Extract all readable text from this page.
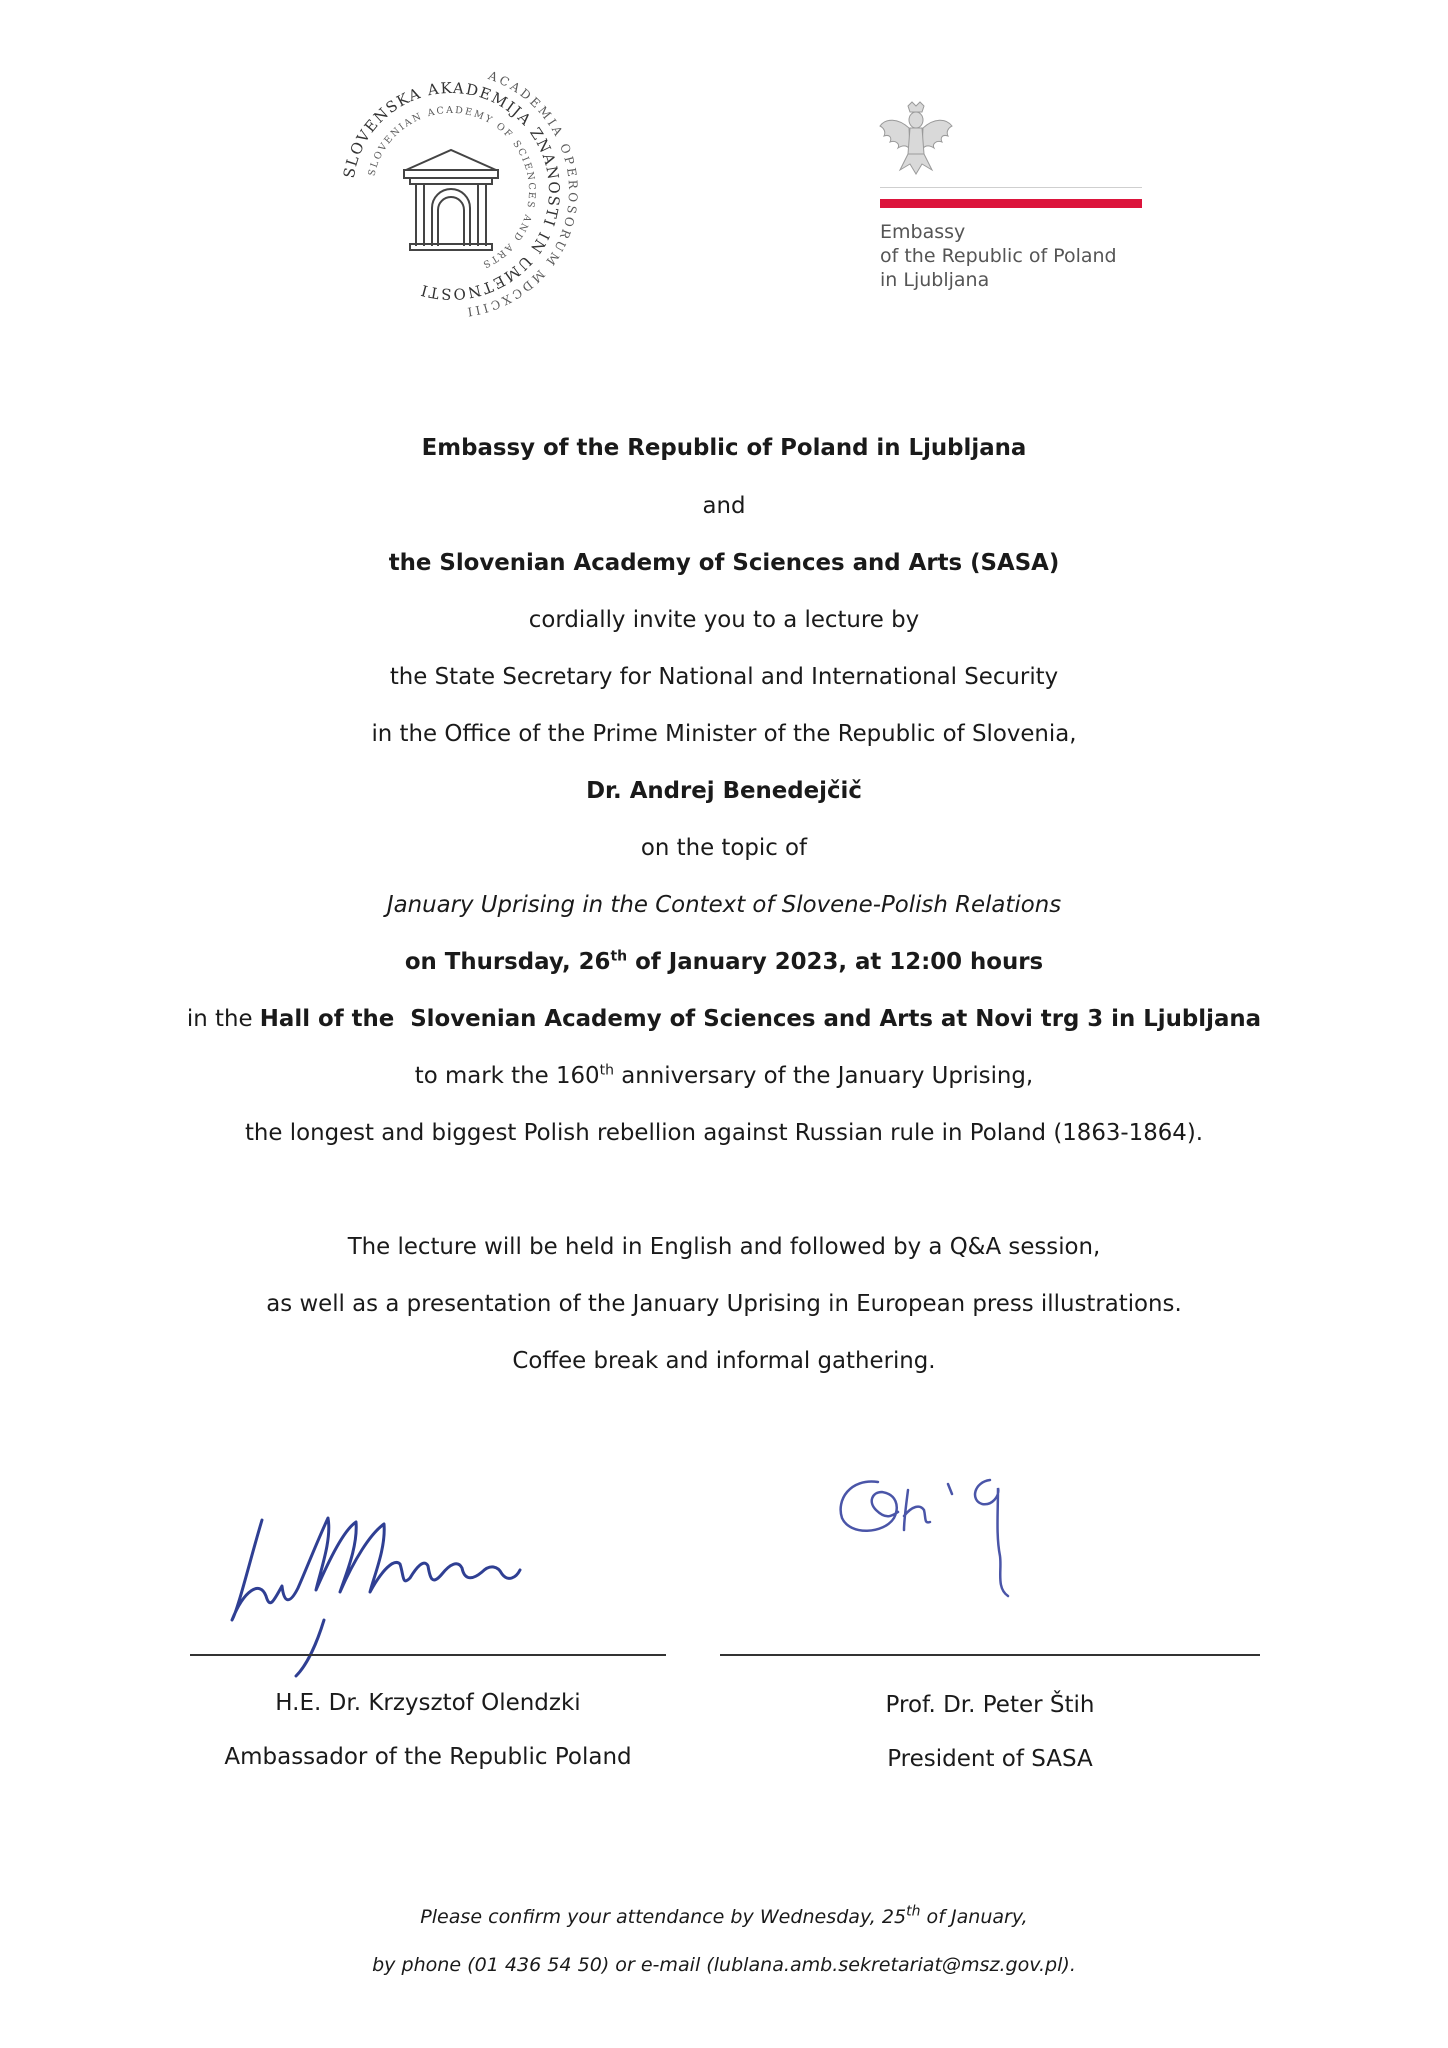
ACADEMIA OPEROSORUM MDCXCIII
SLOVENSKA AKADEMIJA ZNANOSTI IN UMETNOSTI
SLOVENIAN ACADEMY OF SCIENCES AND ARTS
Embassy
of the Republic of Poland
in Ljubljana
Embassy of the Republic of Poland in Ljubljana
and
the Slovenian Academy of Sciences and Arts (SASA)
cordially invite you to a lecture by
the State Secretary for National and International Security
in the Office of the Prime Minister of the Republic of Slovenia,
Dr. Andrej Benedejčič
on the topic of
January Uprising in the Context of Slovene-Polish Relations
on Thursday, 26th of January 2023, at 12:00 hours
in the Hall of the  Slovenian Academy of Sciences and Arts at Novi trg 3 in Ljubljana
to mark the 160th anniversary of the January Uprising,
the longest and biggest Polish rebellion against Russian rule in Poland (1863-1864).
The lecture will be held in English and followed by a Q&A session,
as well as a presentation of the January Uprising in European press illustrations.
Coffee break and informal gathering.
H.E. Dr. Krzysztof Olendzki
Ambassador of the Republic Poland
Prof. Dr. Peter Štih
President of SASA
Please confirm your attendance by Wednesday, 25th of January,
by phone (01 436 54 50) or e-mail (lublana.amb.sekretariat@msz.gov.pl).
